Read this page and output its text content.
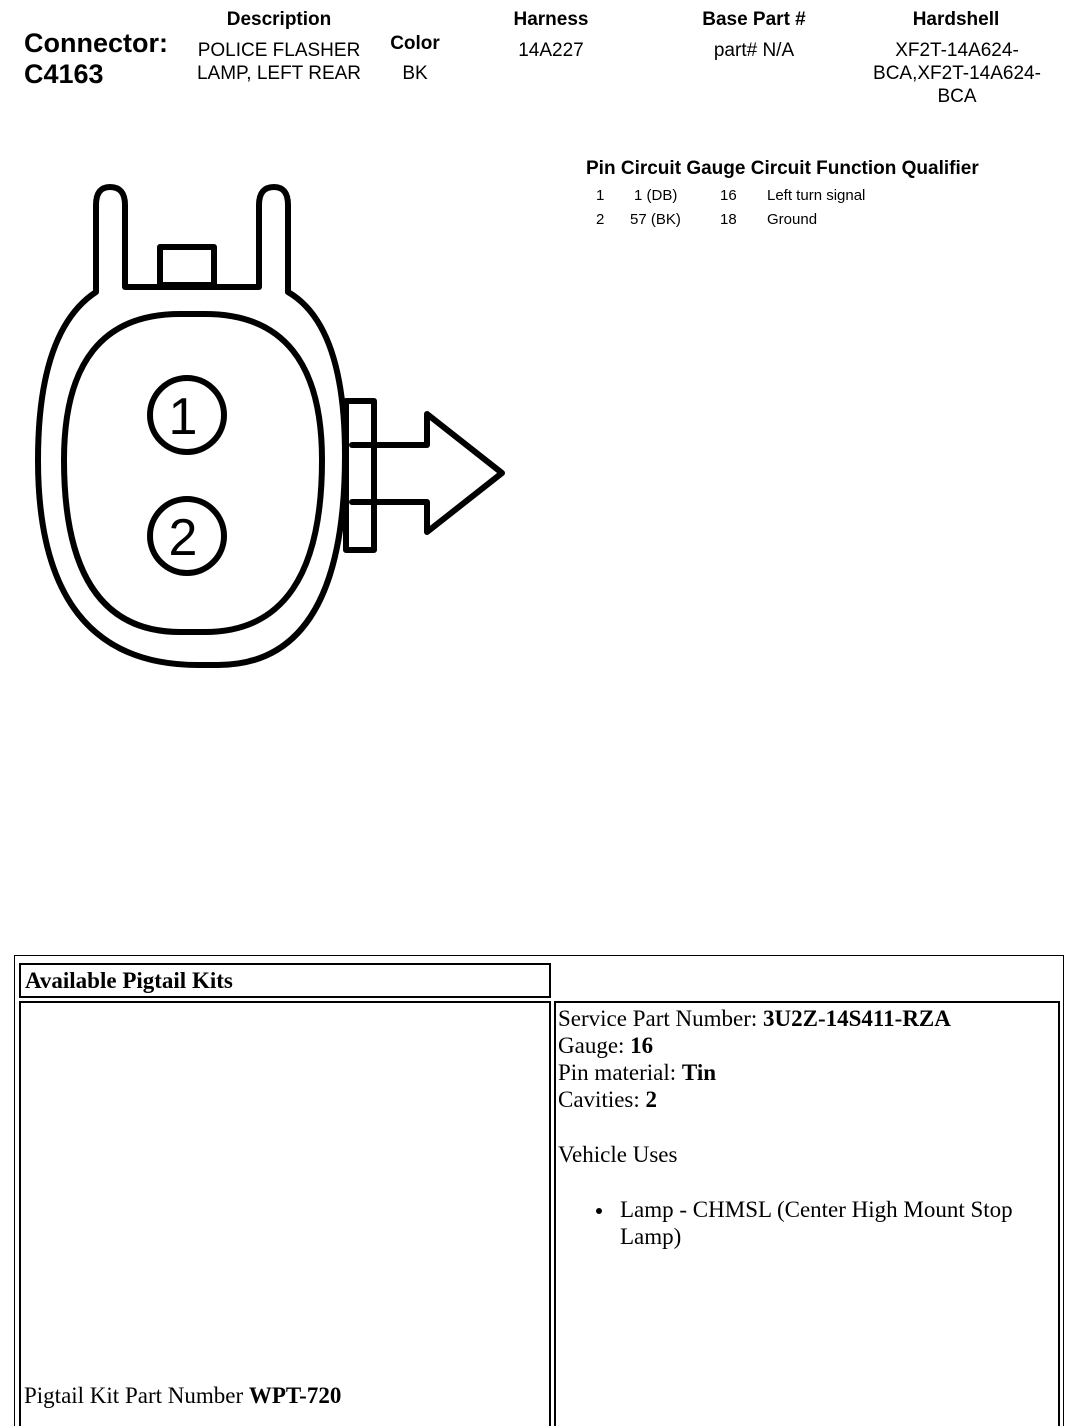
Connector:
C4163
Description
POLICE FLASHER
LAMP, LEFT REAR
Color
BK
Harness
14A227
Base Part #
part# N/A
Hardshell
XF2T-14A624-
BCA,XF2T-14A624-
BCA
Pin Circuit Gauge Circuit Function Qualifier
1 1 (DB)	16 Left turn signal
2 57 (BK)	18 Ground
1
2
Available Pigtail Kits
Pigtail Kit Part Number WPT-720
Service Part Number: 3U2Z-14S411-RZA
Gauge: 16
Pin material: Tin
Cavities: 2
Vehicle Uses
Lamp - CHMSL (Center High Mount Stop Lamp)
